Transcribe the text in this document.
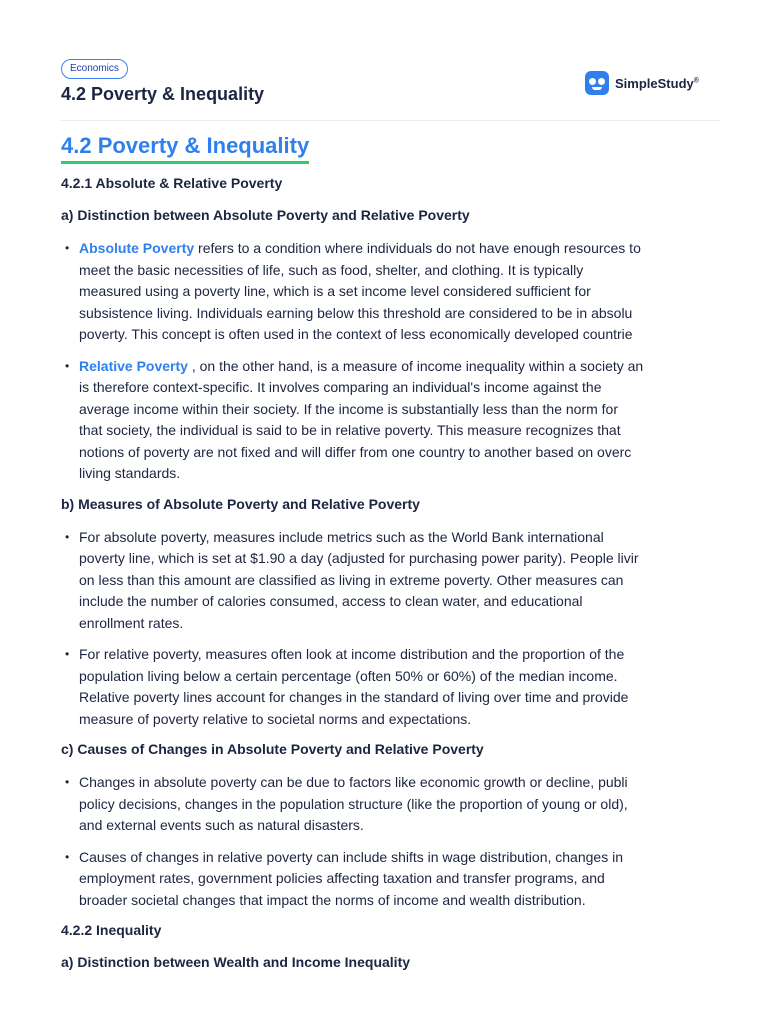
Economics
4.2 Poverty & Inequality
SimpleStudy®
4.2 Poverty & Inequality
4.2.1 Absolute & Relative Poverty
a) Distinction between Absolute Poverty and Relative Poverty
• Absolute Poverty refers to a condition where individuals do not have enough resources to
meet the basic necessities of life, such as food, shelter, and clothing. It is typically
measured using a poverty line, which is a set income level considered sufficient for
subsistence living. Individuals earning below this threshold are considered to be in absolu
poverty. This concept is often used in the context of less economically developed countrie
• Relative Poverty , on the other hand, is a measure of income inequality within a society an
is therefore context-specific. It involves comparing an individual's income against the
average income within their society. If the income is substantially less than the norm for
that society, the individual is said to be in relative poverty. This measure recognizes that
notions of poverty are not fixed and will differ from one country to another based on overc
living standards.
b) Measures of Absolute Poverty and Relative Poverty
• For absolute poverty, measures include metrics such as the World Bank international
poverty line, which is set at $1.90 a day (adjusted for purchasing power parity). People livir
on less than this amount are classified as living in extreme poverty. Other measures can
include the number of calories consumed, access to clean water, and educational
enrollment rates.
• For relative poverty, measures often look at income distribution and the proportion of the
population living below a certain percentage (often 50% or 60%) of the median income.
Relative poverty lines account for changes in the standard of living over time and provide
measure of poverty relative to societal norms and expectations.
c) Causes of Changes in Absolute Poverty and Relative Poverty
• Changes in absolute poverty can be due to factors like economic growth or decline, publi
policy decisions, changes in the population structure (like the proportion of young or old),
and external events such as natural disasters.
• Causes of changes in relative poverty can include shifts in wage distribution, changes in
employment rates, government policies affecting taxation and transfer programs, and
broader societal changes that impact the norms of income and wealth distribution.
4.2.2 Inequality
a) Distinction between Wealth and Income Inequality
